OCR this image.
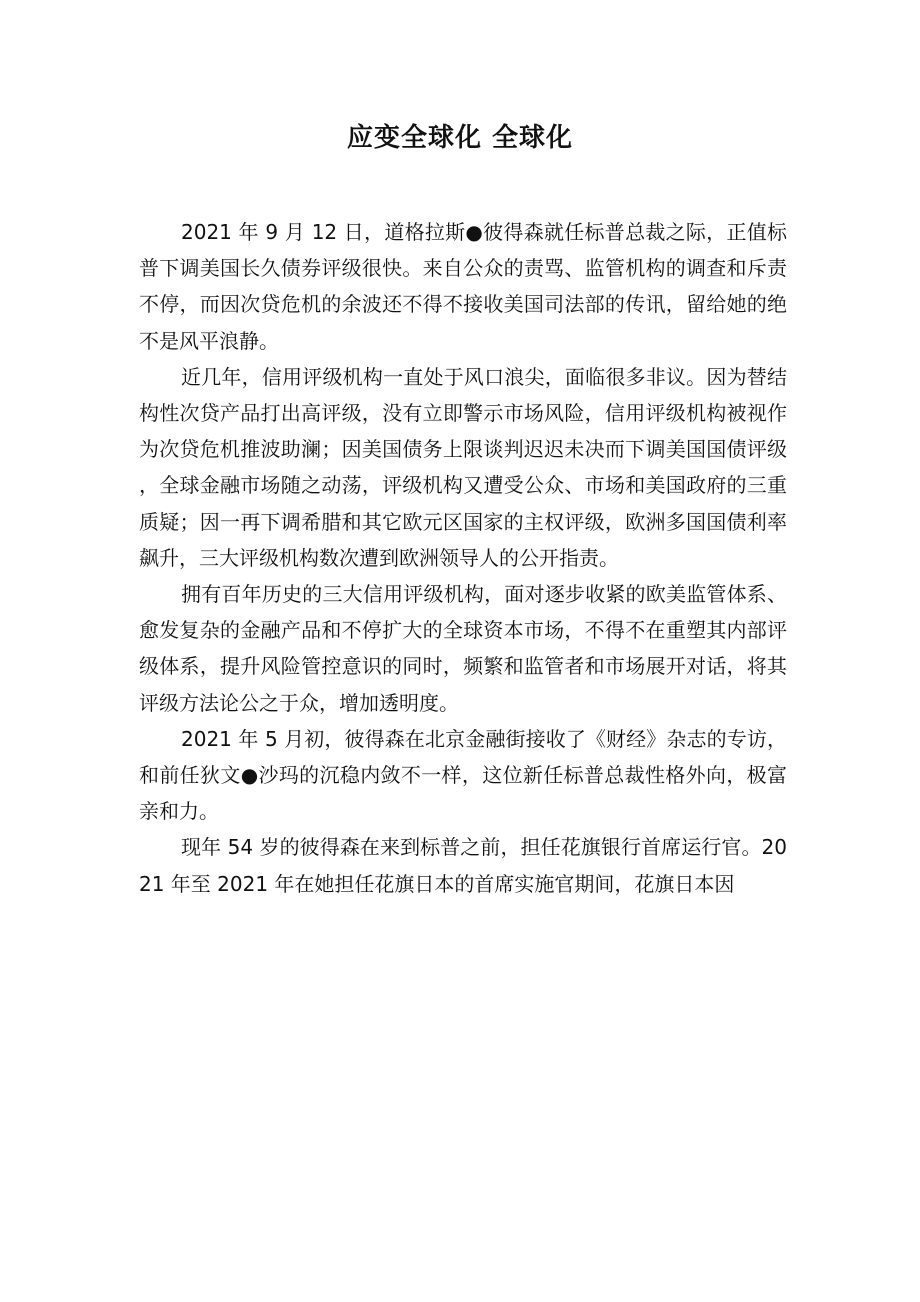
应变全球化 全球化

2021 年 9 月 12 日，道格拉斯●彼得森就任标普总裁之际，正值标普下调美国长久债券评级很快。来自公众的责骂、监管机构的调查和斥责不停，而因次贷危机的余波还不得不接收美国司法部的传讯，留给她的绝不是风平浪静。

近几年，信用评级机构一直处于风口浪尖，面临很多非议。因为替结构性次贷产品打出高评级，没有立即警示市场风险，信用评级机构被视作为次贷危机推波助澜；因美国债务上限谈判迟迟未决而下调美国国债评级，全球金融市场随之动荡，评级机构又遭受公众、市场和美国政府的三重质疑；因一再下调希腊和其它欧元区国家的主权评级，欧洲多国国债利率飙升，三大评级机构数次遭到欧洲领导人的公开指责。

拥有百年历史的三大信用评级机构，面对逐步收紧的欧美监管体系、愈发复杂的金融产品和不停扩大的全球资本市场，不得不在重塑其内部评级体系，提升风险管控意识的同时，频繁和监管者和市场展开对话，将其评级方法论公之于众，增加透明度。

2021 年 5 月初，彼得森在北京金融街接收了《财经》杂志的专访，和前任狄文●沙玛的沉稳内敛不一样，这位新任标普总裁性格外向，极富亲和力。

现年 54 岁的彼得森在来到标普之前，担任花旗银行首席运行官。2021 年至 2021 年在她担任花旗日本的首席实施官期间，花旗日本因
